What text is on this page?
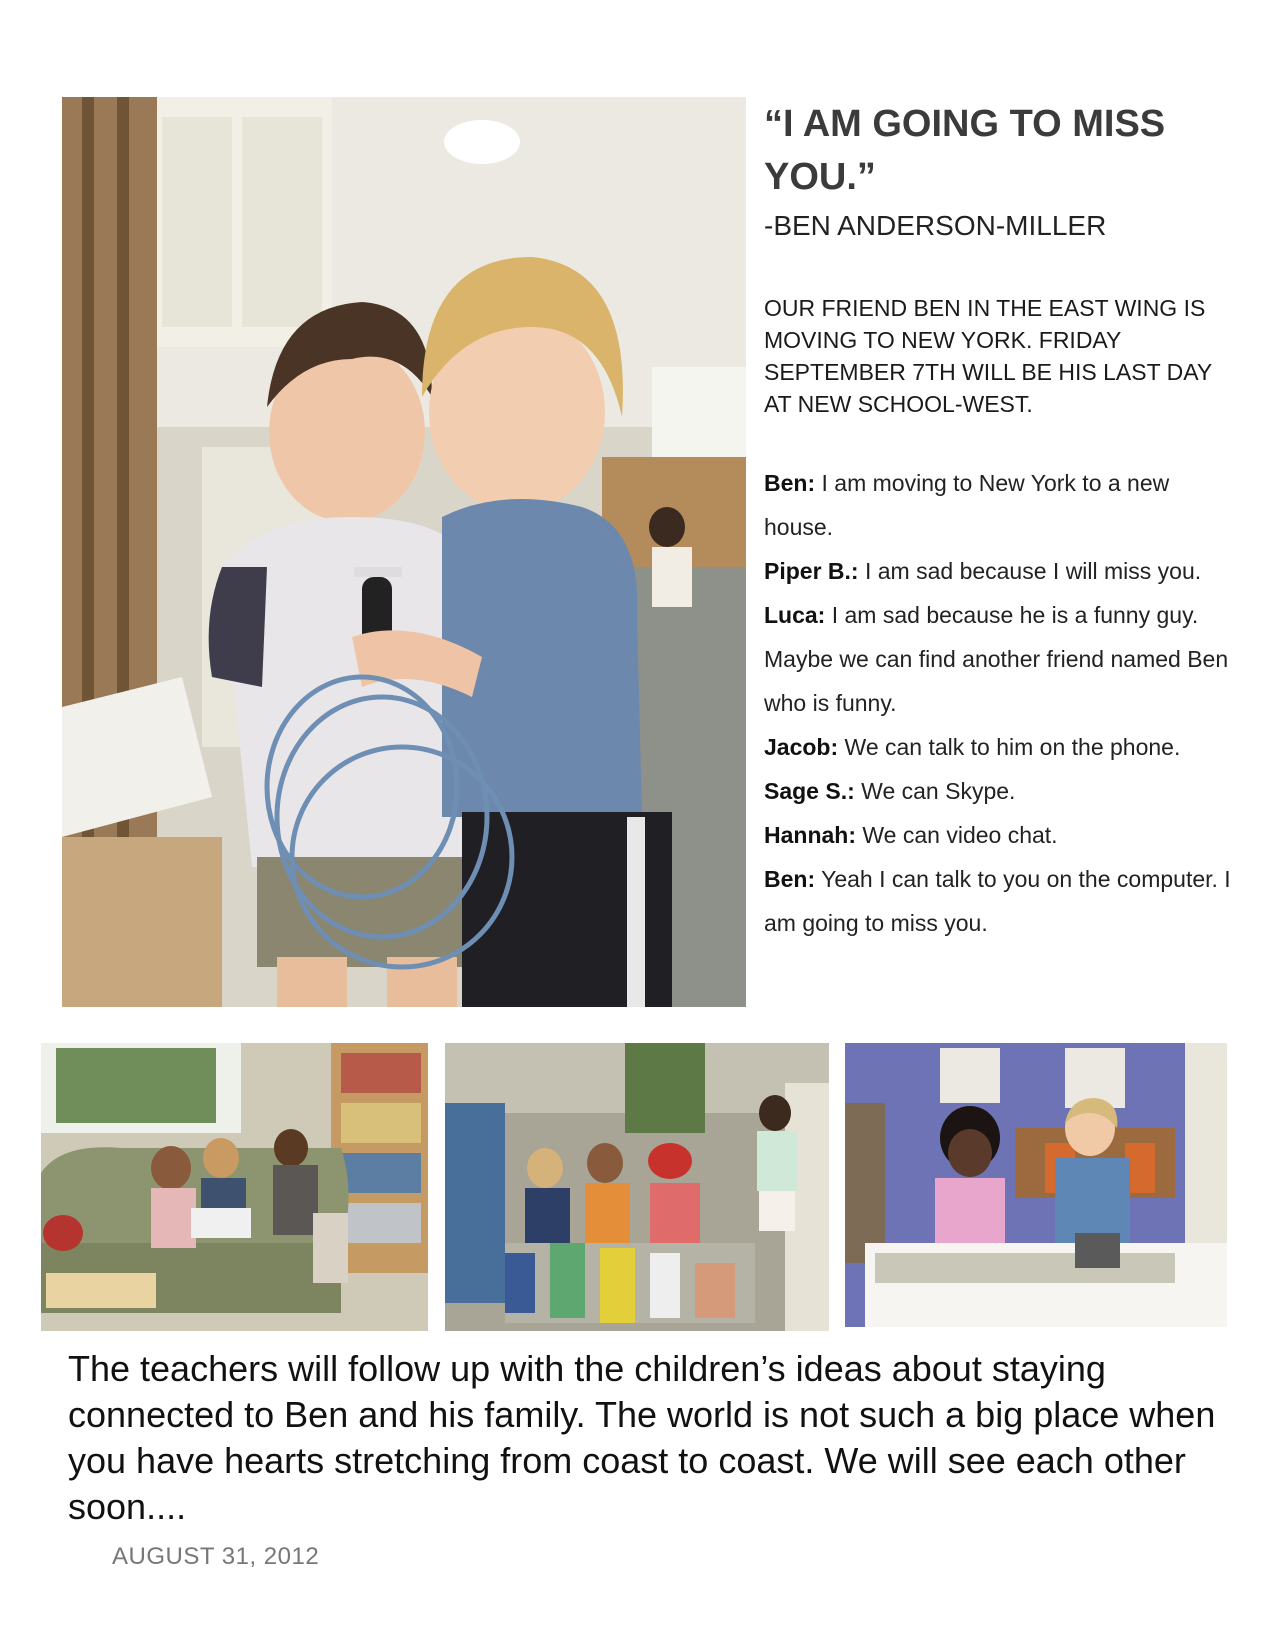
“I AM GOING TO MISS YOU.”

-BEN ANDERSON-MILLER

OUR FRIEND BEN IN THE EAST WING IS MOVING TO NEW YORK. FRIDAY SEPTEMBER 7TH WILL BE HIS LAST DAY AT NEW SCHOOL-WEST.

Ben: I am moving to New York to a new house.

Piper B.: I am sad because I will miss you.

Luca: I am sad because he is a funny guy. Maybe we can find another friend named Ben who is funny.

Jacob: We can talk to him on the phone.

Sage S.: We can Skype.

Hannah: We can video chat.

Ben: Yeah I can talk to you on the computer. I am going to miss you.

The teachers will follow up with the children’s ideas about staying connected to Ben and his family. The world is not such a big place when you have hearts stretching from coast to coast. We will see each other soon....
AUGUST 31, 2012
